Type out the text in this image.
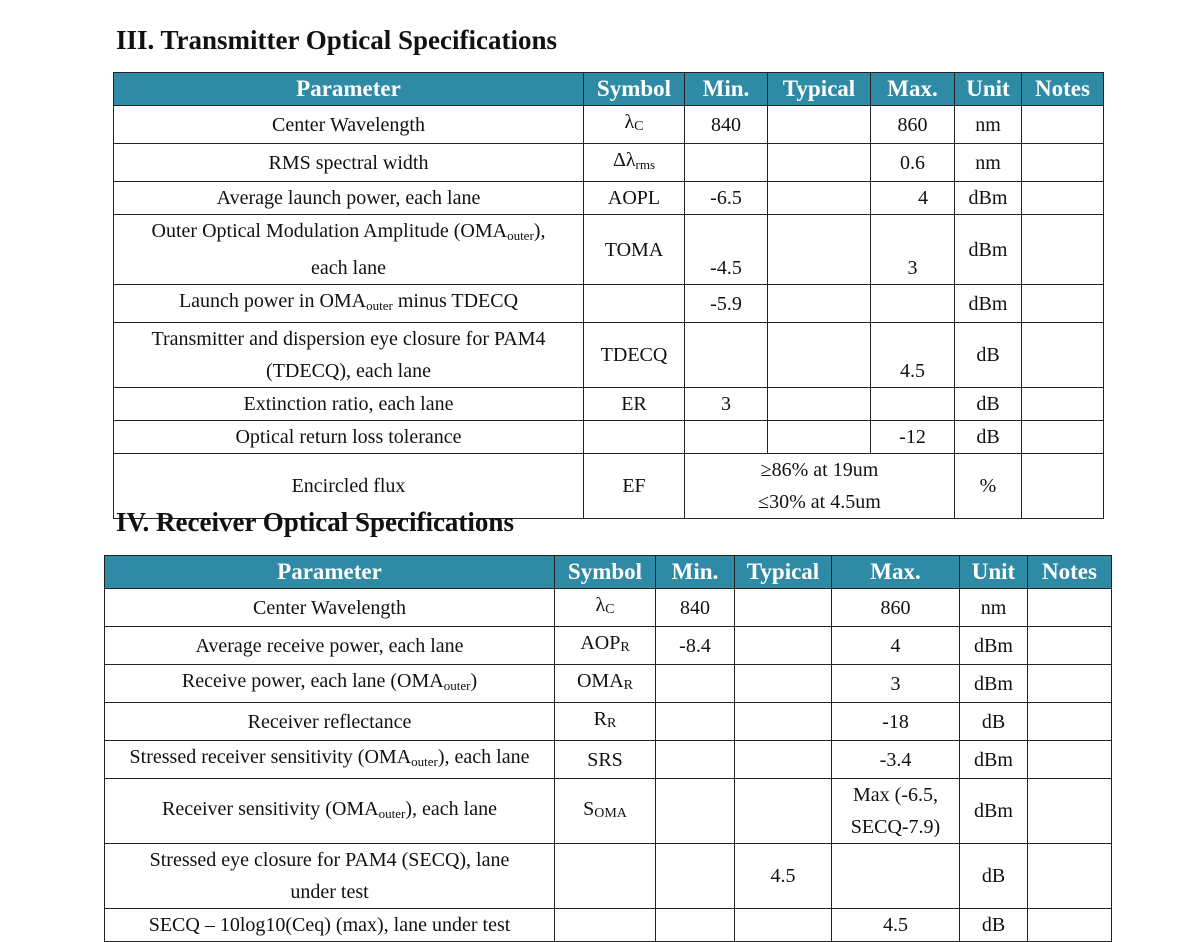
III. Transmitter Optical Specifications
Parameter	Symbol	Min.	Typical	Max.	Unit	Notes
Center Wavelength	λC	840		860	nm	
RMS spectral width	$\Delta\lambda_{rms}$			0.6	nm	
Average launch power, each lane	AOPL	-6.5		4	dBm	
Outer Optical Modulation Amplitude $(OMA_{outer})$,
each lane	TOMA	-4.5		3	dBm	
Launch power in $OMA_{outer}$ minus TDECQ		-5.9			dBm	
Transmitter and dispersion eye closure for PAM4
(TDECQ), each lane	TDECQ			4.5	dB	
Extinction ratio, each lane	ER	3			dB	
Optical return loss tolerance				-12	dB	
Encircled flux	EF	≥86% at 19um
≤30% at 4.5um			%	
IV. Receiver Optical Specifications
Parameter	Symbol	Min.	Typical	Max.	Unit	Notes
Center Wavelength	λC	840		860	nm	
Average receive power, each lane	AOPR	-8.4		4	dBm	
Receive power, each lane $(OMA_{outer})$	OMAR			3	dBm	
Receiver reflectance	RR			-18	dB	
Stressed receiver sensitivity $(OMA_{outer})$, each lane	SRS			-3.4	dBm	
Receiver sensitivity $(OMA_{outer})$, each lane	SOMA			Max (-6.5,
SECQ-7.9)	dBm	
Stressed eye closure for PAM4 (SECQ), lane
under test			4.5		dB	
SECQ – 10log10(Ceq) (max), lane under test				4.5	dB	
